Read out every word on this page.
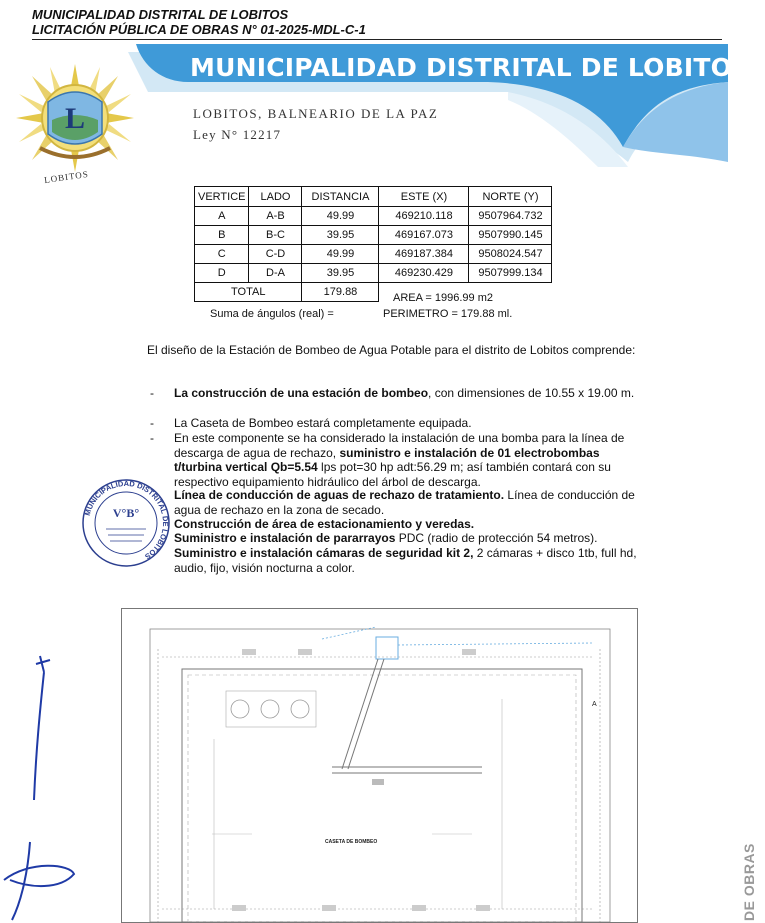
MUNICIPALIDAD DISTRITAL DE LOBITOS
LICITACIÓN PÚBLICA DE OBRAS N° 01-2025-MDL-C-1
MUNICIPALIDAD DISTRITAL DE LOBITOS
LOBITOS, BALNEARIO DE LA PAZ
Ley N° 12217
L
LOBITOS
VERTICE	LADO	DISTANCIA	ESTE (X)	NORTE (Y)
A	A-B	49.99	469210.118	9507964.732
B	B-C	39.95	469167.073	9507990.145
C	C-D	49.99	469187.384	9508024.547
D	D-A	39.95	469230.429	9507999.134
TOTAL		179.88			AREA = 1996.99 m2
Suma de ángulos (real) =	PERIMETRO = 179.88 ml.
El diseño de la Estación de Bombeo de Agua Potable para el distrito de Lobitos comprende:
- La construcción de una estación de bombeo, con dimensiones de 10.55 x 19.00 m.
- La Caseta de Bombeo estará completamente equipada.
- En este componente se ha considerado la instalación de una bomba para la línea de descarga de agua de rechazo, suministro e instalación de 01 electrobombas t/turbina vertical Qb=5.54 lps pot=30 hp adt:56.29 m; así también contará con su respectivo equipamiento hidráulico del árbol de descarga.
Línea de conducción de aguas de rechazo de tratamiento. Línea de conducción de agua de rechazo en la zona de secado.
Construcción de área de estacionamiento y veredas.
Suministro e instalación de pararrayos PDC (radio de protección 54 metros).
Suministro e instalación cámaras de seguridad kit 2, 2 cámaras + disco 1tb, full hd, audio, fijo, visión nocturna a color.
MUNICIPALIDAD DISTRITAL DE LOBITOS
V°B°
CASETA DE BOMBEO
A
DE OBRAS
